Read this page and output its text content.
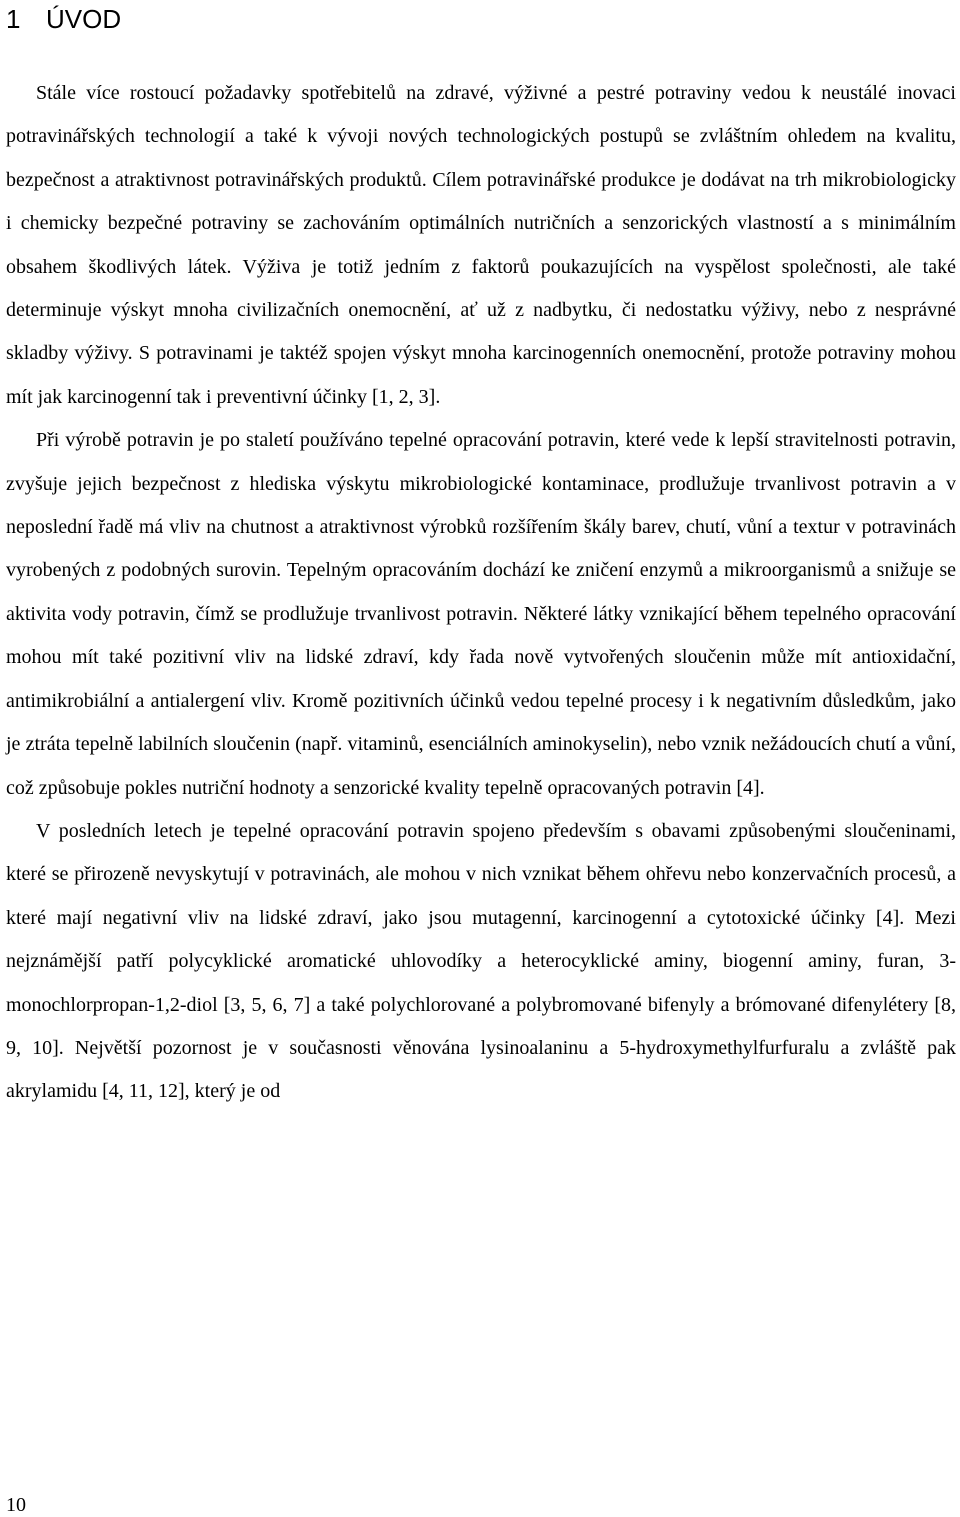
1 ÚVOD

Stále více rostoucí požadavky spotřebitelů na zdravé, výživné a pestré potraviny vedou k neustálé inovaci potravinářských technologií a také k vývoji nových technologických postupů se zvláštním ohledem na kvalitu, bezpečnost a atraktivnost potravinářských produktů. Cílem potravinářské produkce je dodávat na trh mikrobiologicky i chemicky bezpečné potraviny se zachováním optimálních nutričních a senzorických vlastností a s minimálním obsahem škodlivých látek. Výživa je totiž jedním z faktorů poukazujících na vyspělost společnosti, ale také determinuje výskyt mnoha civilizačních onemocnění, ať už z nadbytku, či nedostatku výživy, nebo z nesprávné skladby výživy. S potravinami je taktéž spojen výskyt mnoha karcinogenních onemocnění, protože potraviny mohou mít jak karcinogenní tak i preventivní účinky [1, 2, 3].

Při výrobě potravin je po staletí používáno tepelné opracování potravin, které vede k lepší stravitelnosti potravin, zvyšuje jejich bezpečnost z hlediska výskytu mikrobiologické kontaminace, prodlužuje trvanlivost potravin a v neposlední řadě má vliv na chutnost a atraktivnost výrobků rozšířením škály barev, chutí, vůní a textur v potravinách vyrobených z podobných surovin. Tepelným opracováním dochází ke zničení enzymů a mikroorganismů a snižuje se aktivita vody potravin, čímž se prodlužuje trvanlivost potravin. Některé látky vznikající během tepelného opracování mohou mít také pozitivní vliv na lidské zdraví, kdy řada nově vytvořených sloučenin může mít antioxidační, antimikrobiální a antialergení vliv. Kromě pozitivních účinků vedou tepelné procesy i k negativním důsledkům, jako je ztráta tepelně labilních sloučenin (např. vitaminů, esenciálních aminokyselin), nebo vznik nežádoucích chutí a vůní, což způsobuje pokles nutriční hodnoty a senzorické kvality tepelně opracovaných potravin [4].

V posledních letech je tepelné opracování potravin spojeno především s obavami způsobenými sloučeninami, které se přirozeně nevyskytují v potravinách, ale mohou v nich vznikat během ohřevu nebo konzervačních procesů, a které mají negativní vliv na lidské zdraví, jako jsou mutagenní, karcinogenní a cytotoxické účinky [4]. Mezi nejznámější patří polycyklické aromatické uhlovodíky a heterocyklické aminy, biogenní aminy, furan, 3-monochlorpropan-1,2-diol [3, 5, 6, 7] a také polychlorované a polybromované bifenyly a brómované difenylétery [8, 9, 10]. Největší pozornost je v současnosti věnována lysinoalaninu a 5-hydroxymethylfurfuralu a zvláště pak akrylamidu [4, 11, 12], který je od

10
